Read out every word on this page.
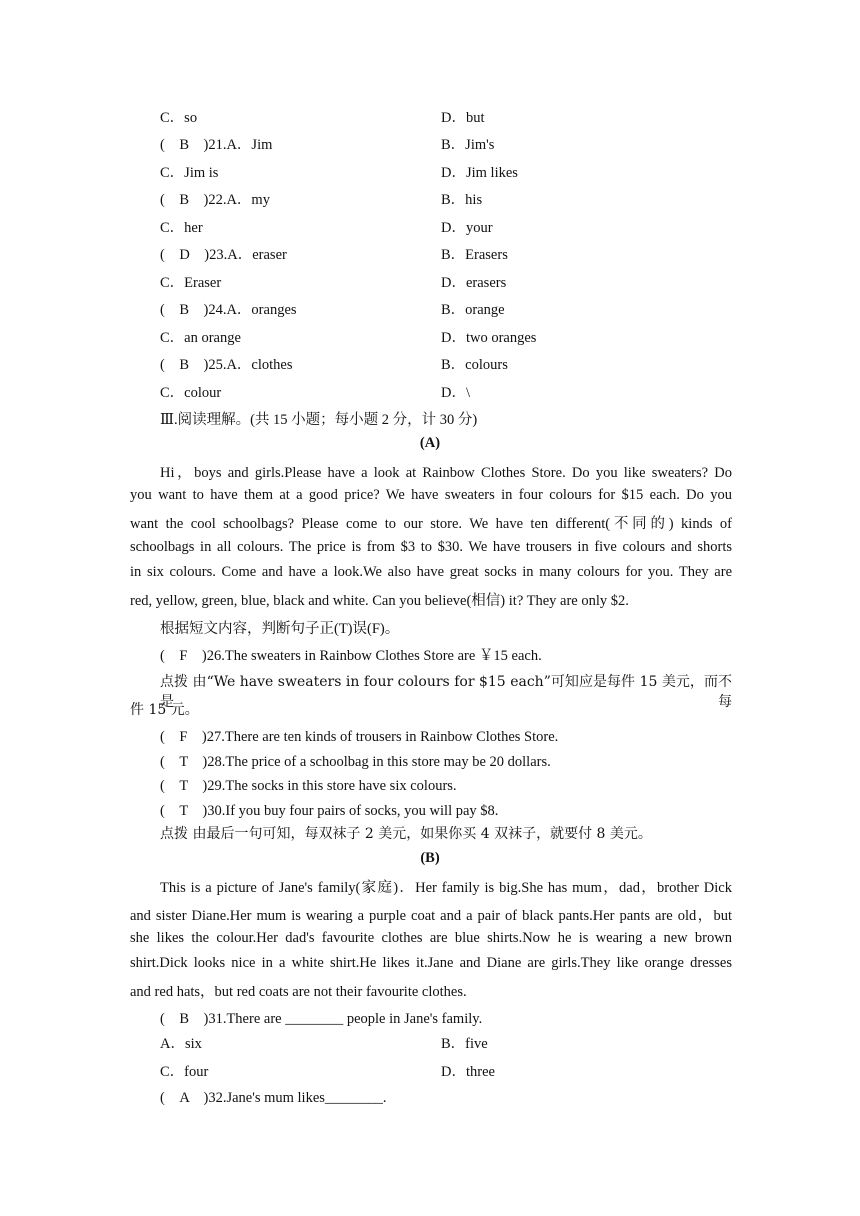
C．so	D．but
(　B　)21.A．Jim	B．Jim's
C．Jim is	D．Jim likes
(　B　)22.A．my	B．his
C．her	D．your
(　D　)23.A．eraser	B．Erasers
C．Eraser	D．erasers
(　B　)24.A．oranges	B．orange
C．an orange	D．two oranges
(　B　)25.A．clothes	B．colours
C．colour	D．\
Ⅲ.阅读理解。(共 15 小题；每小题 2 分，计 30 分)
(A)
Hi，boys and girls.Please have a look at Rainbow Clothes Store. Do you like sweaters? Do
you want to have them at a good price? We have sweaters in four colours for $15 each. Do you
want the cool schoolbags? Please come to our store. We have ten different(不同的) kinds of
schoolbags in all colours. The price is from $3 to $30. We have trousers in five colours and shorts
in six colours. Come and have a look.We also have great socks in many colours for you. They are
red, yellow, green, blue, black and white. Can you believe(相信) it? They are only $2.
根据短文内容，判断句子正(T)误(F)。
(　F　)26.The sweaters in Rainbow Clothes Store are ￥15 each.
点拨 由“We have sweaters in four colours for $15 each”可知应是每件 15 美元，而不是每
件 15 元。
(　F　)27.There are ten kinds of trousers in Rainbow Clothes Store.
(　T　)28.The price of a schoolbag in this store may be 20 dollars.
(　T　)29.The socks in this store have six colours.
(　T　)30.If you buy four pairs of socks, you will pay $8.
点拨 由最后一句可知，每双袜子 2 美元，如果你买 4 双袜子，就要付 8 美元。
(B)
This is a picture of Jane's family(家庭)．Her family is big.She has mum，dad，brother Dick
and sister Diane.Her mum is wearing a purple coat and a pair of black pants.Her pants are old，but
she likes the colour.Her dad's favourite clothes are blue shirts.Now he is wearing a new brown
shirt.Dick looks nice in a white shirt.He likes it.Jane and Diane are girls.They like orange dresses
and red hats，but red coats are not their favourite clothes.
(　B　)31.There are ________ people in Jane's family.
A．six	B．five
C．four	D．three
(　A　)32.Jane's mum likes________.
